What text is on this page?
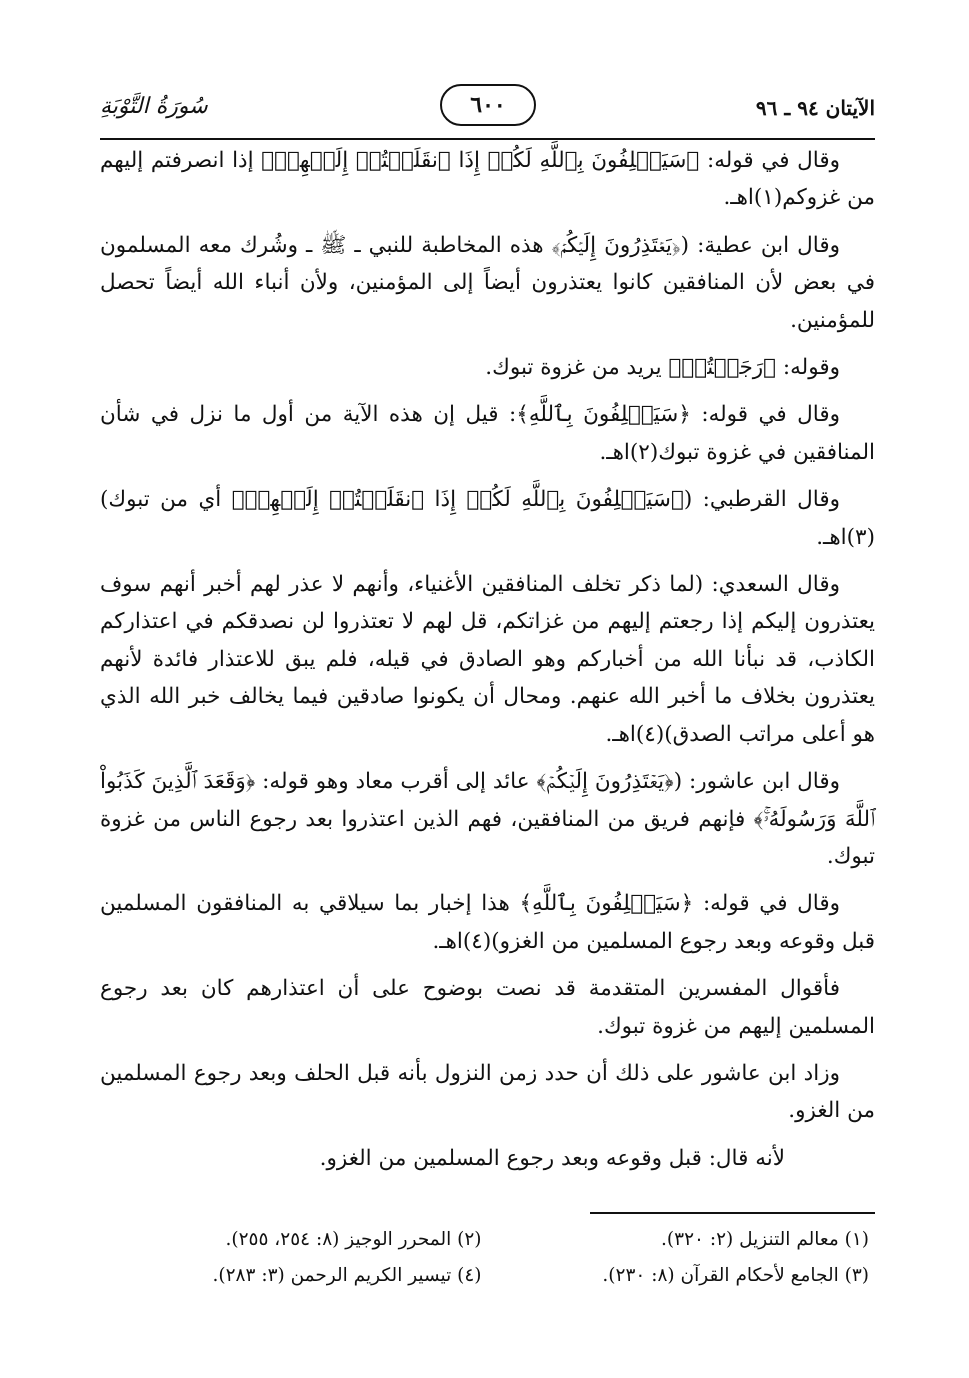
الآيتان ٩٤ ـ ٩٦
٦٠٠
سُورَةُ التَّوْبَةِ

وقال في قوله: ﴿سَيَحۡلِفُونَ بِٱللَّهِ لَكُمۡ إِذَا ٱنقَلَبۡتُمۡ إِلَيۡهِمۡ﴾ إذا انصرفتم إليهم من غزوكم(١)اهـ.

وقال ابن عطية: (﴿يَعۡتَذِرُونَ إِلَيۡكُمۡ﴾ هذه المخاطبة للنبي ـ ﷺ ـ وشُرك معه المسلمون في بعض لأن المنافقين كانوا يعتذرون أيضاً إلى المؤمنين، ولأن أنباء الله أيضاً تحصل للمؤمنين.

وقوله: ﴿رَجَعۡتُمۡ﴾ يريد من غزوة تبوك.

وقال في قوله: ﴿سَيَحۡلِفُونَ بِٱللَّهِ﴾: قيل إن هذه الآية من أول ما نزل في شأن المنافقين في غزوة تبوك(٢)اهـ.

وقال القرطبي: (﴿سَيَحۡلِفُونَ بِٱللَّهِ لَكُمۡ إِذَا ٱنقَلَبۡتُمۡ إِلَيۡهِمۡ﴾ أي من تبوك)(٣)اهـ.

وقال السعدي: (لما ذكر تخلف المنافقين الأغنياء، وأنهم لا عذر لهم أخبر أنهم سوف يعتذرون إليكم إذا رجعتم إليهم من غزاتكم، قل لهم لا تعتذروا لن نصدقكم في اعتذاركم الكاذب، قد نبأنا الله من أخباركم وهو الصادق في قيله، فلم يبق للاعتذار فائدة لأنهم يعتذرون بخلاف ما أخبر الله عنهم. ومحال أن يكونوا صادقين فيما يخالف خبر الله الذي هو أعلى مراتب الصدق)(٤)اهـ.

وقال ابن عاشور: (﴿يَعۡتَذِرُونَ إِلَيۡكُمۡ﴾ عائد إلى أقرب معاد وهو قوله: ﴿وَقَعَدَ ٱلَّذِينَ كَذَبُواْ ٱللَّهَ وَرَسُولَهُۥۚ﴾ فإنهم فريق من المنافقين، فهم الذين اعتذروا بعد رجوع الناس من غزوة تبوك.

وقال في قوله: ﴿سَيَحۡلِفُونَ بِٱللَّهِ﴾ هذا إخبار بما سيلاقي به المنافقون المسلمين قبل وقوعه وبعد رجوع المسلمين من الغزو)(٤)اهـ.

فأقوال المفسرين المتقدمة قد نصت بوضوح على أن اعتذارهم كان بعد رجوع المسلمين إليهم من غزوة تبوك.

وزاد ابن عاشور على ذلك أن حدد زمن النزول بأنه قبل الحلف وبعد رجوع المسلمين من الغزو.

لأنه قال: قبل وقوعه وبعد رجوع المسلمين من الغزو.

(١) معالم التنزيل (٢: ٣٢٠).
(٢) المحرر الوجيز (٨: ٢٥٤، ٢٥٥).
(٣) الجامع لأحكام القرآن (٨: ٢٣٠).
(٤) تيسير الكريم الرحمن (٣: ٢٨٣).
